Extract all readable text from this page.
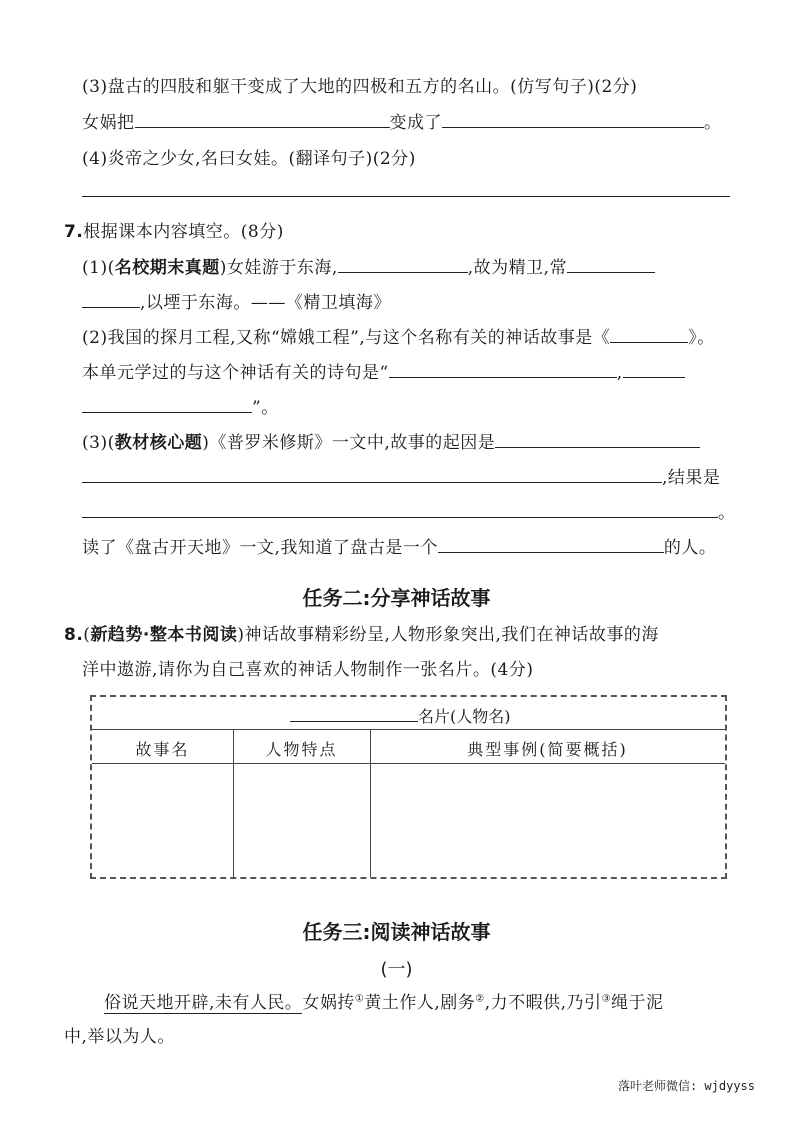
(3)盘古的四肢和躯干变成了大地的四极和五方的名山。(仿写句子)(2分)
女娲把	变成了	。
(4)炎帝之少女,名曰女娃。(翻译句子)(2分)
7.根据课本内容填空。(8分)
(1)(名校期末真题)女娃游于东海,	,故为精卫,常
,以堙于东海。——《精卫填海》
(2)我国的探月工程,又称“嫦娥工程”,与这个名称有关的神话故事是《	》。
本单元学过的与这个神话有关的诗句是“	,
”。
(3)(教材核心题)《普罗米修斯》一文中,故事的起因是
,结果是
。
读了《盘古开天地》一文,我知道了盘古是一个	的人。
任务二:分享神话故事
8.(新趋势·整本书阅读)神话故事精彩纷呈,人物形象突出,我们在神话故事的海
洋中遨游,请你为自己喜欢的神话人物制作一张名片。(4分)
名片(人物名)
故事名	人物特点	典型事例(简要概括)
任务三:阅读神话故事
(一)
俗说天地开辟,未有人民。女娲抟①黄土作人,剧务②,力不暇供,乃引③绳于泥
中,举以为人。
落叶老师微信: wjdyyss
